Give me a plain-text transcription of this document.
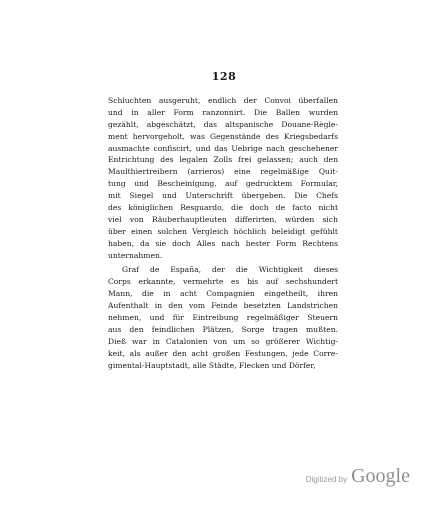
128
Schluchten ausgeruht, endlich der Convoi überfallen
und in aller Form ranzonnirt. Die Ballen wurden
gezählt, abgeschätzt, das altspanische Douane-Règle-
ment hervorgeholt, was Gegenstände des Kriegsbedarfs
ausmachte confiscirt, und das Uebrige nach geschehener
Entrichtung des legalen Zolls frei gelassen; auch den
Maulthiertreibern (arrieros) eine regelmäßige Quit-
tung und Bescheinigung, auf gedrucktem Formular,
mit Siegel und Unterschrift übergeben. Die Chefs
des königlichen Resguardo, die doch de facto nicht
viel von Räuberhauptleuten differirten, würden sich
über einen solchen Vergleich höchlich beleidigt gefühlt
haben, da sie doch Alles nach bester Form Rechtens
unternahmen.
Graf de España, der die Wichtigkeit dieses
Corps erkannte, vermehrte es bis auf sechshundert
Mann, die in acht Compagnien eingetheilt, ihren
Aufenthalt in den vom Feinde besetzten Landstrichen
nehmen, und für Eintreibung regelmäßiger Steuern
aus den feindlichen Plätzen, Sorge tragen mußten.
Dieß war in Catalonien von um so größerer Wichtig-
keit, als außer den acht großen Festungen, jede Corre-
gimental-Hauptstadt, alle Städte, Flecken und Dörfer,
Digitized by Google
